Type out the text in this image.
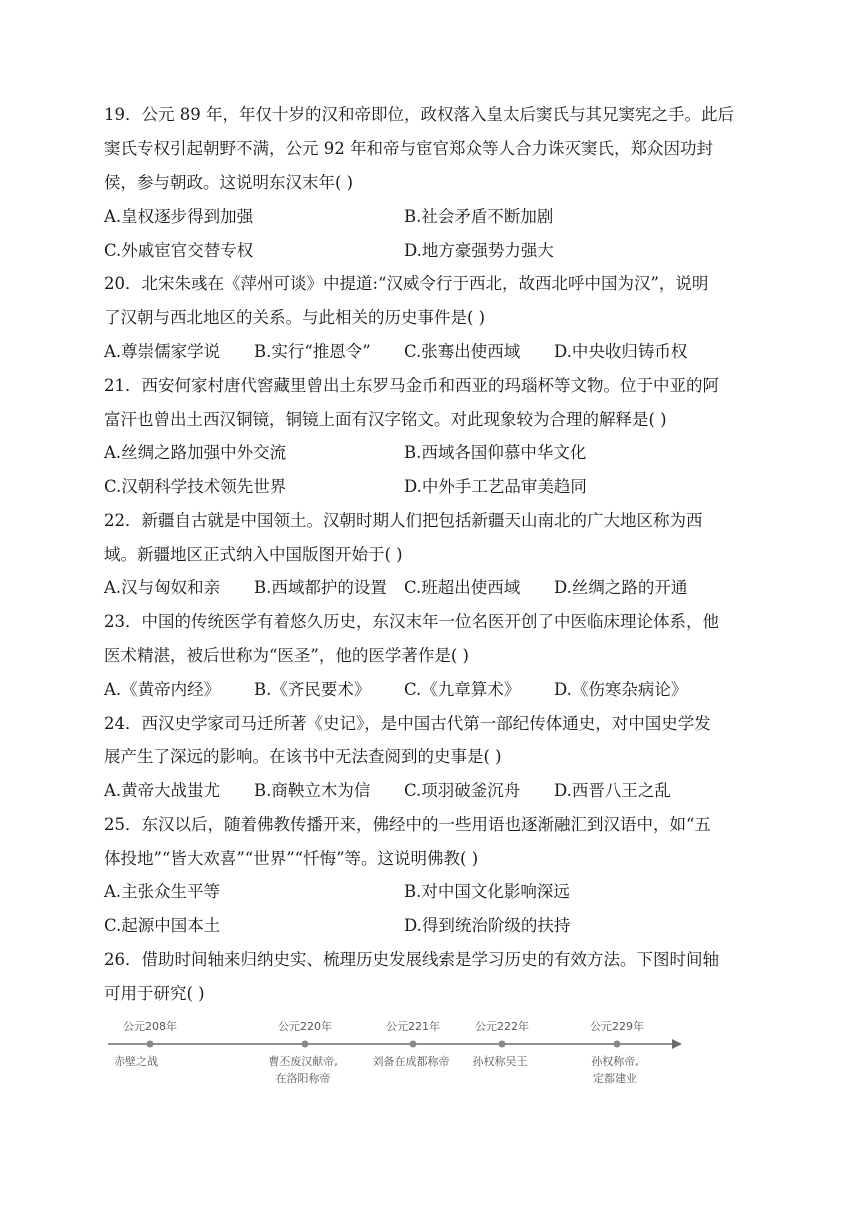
19．公元 89 年，年仅十岁的汉和帝即位，政权落入皇太后窦氏与其兄窦宪之手。此后
窦氏专权引起朝野不满，公元 92 年和帝与宦官郑众等人合力诛灭窦氏，郑众因功封
侯，参与朝政。这说明东汉末年( )
A.皇权逐步得到加强	B.社会矛盾不断加剧
C.外戚宦官交替专权	D.地方豪强势力强大
20．北宋朱彧在《萍州可谈》中提道:“汉威令行于西北，故西北呼中国为汉”，说明
了汉朝与西北地区的关系。与此相关的历史事件是( )
A.尊崇儒家学说 B.实行“推恩令” C.张骞出使西域 D.中央收归铸币权
21．西安何家村唐代窖藏里曾出土东罗马金币和西亚的玛瑙杯等文物。位于中亚的阿
富汗也曾出土西汉铜镜，铜镜上面有汉字铭文。对此现象较为合理的解释是( )
A.丝绸之路加强中外交流	B.西域各国仰慕中华文化
C.汉朝科学技术领先世界	D.中外手工艺品审美趋同
22．新疆自古就是中国领土。汉朝时期人们把包括新疆天山南北的广大地区称为西
域。新疆地区正式纳入中国版图开始于( )
A.汉与匈奴和亲 B.西域都护的设置 C.班超出使西域 D.丝绸之路的开通
23．中国的传统医学有着悠久历史，东汉末年一位名医开创了中医临床理论体系，他
医术精湛，被后世称为“医圣”，他的医学著作是( )
A.《黄帝内经》 B.《齐民要术》 C.《九章算术》 D.《伤寒杂病论》
24．西汉史学家司马迁所著《史记》，是中国古代第一部纪传体通史，对中国史学发
展产生了深远的影响。在该书中无法查阅到的史事是( )
A.黄帝大战蚩尤 B.商鞅立木为信 C.项羽破釜沉舟 D.西晋八王之乱
25．东汉以后，随着佛教传播开来，佛经中的一些用语也逐渐融汇到汉语中，如“五
体投地”“皆大欢喜”“世界”“忏悔”等。这说明佛教( )
A.主张众生平等	B.对中国文化影响深远
C.起源中国本土	D.得到统治阶级的扶持
26．借助时间轴来归纳史实、梳理历史发展线索是学习历史的有效方法。下图时间轴
可用于研究( )
公元208年
赤壁之战
公元220年
曹丕废汉献帝,
在洛阳称帝
公元221年
刘备在成都称帝
公元222年
孙权称吴王
公元229年
孙权称帝,
定都建业
